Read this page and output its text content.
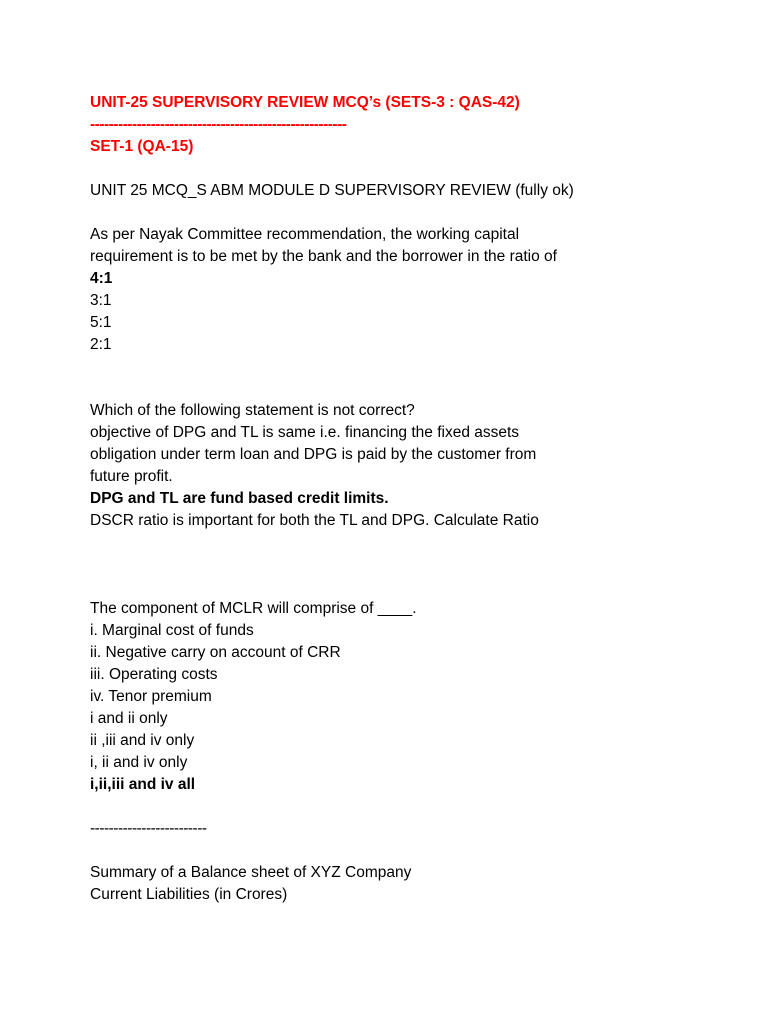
UNIT-25 SUPERVISORY REVIEW MCQ’s (SETS-3 : QAS-42)
-------------------------------------------------------
SET-1 (QA-15)
UNIT 25 MCQ_S ABM MODULE D SUPERVISORY REVIEW (fully ok)
As per Nayak Committee recommendation, the working capital
requirement is to be met by the bank and the borrower in the ratio of
4:1
3:1
5:1
2:1
Which of the following statement is not correct?
objective of DPG and TL is same i.e. financing the fixed assets
obligation under term loan and DPG is paid by the customer from
future profit.
DPG and TL are fund based credit limits.
DSCR ratio is important for both the TL and DPG. Calculate Ratio
The component of MCLR will comprise of ____.
i. Marginal cost of funds
ii. Negative carry on account of CRR
iii. Operating costs
iv. Tenor premium
i and ii only
ii ,iii and iv only
i, ii and iv only
i,ii,iii and iv all
-------------------------
Summary of a Balance sheet of XYZ Company
Current Liabilities (in Crores)
